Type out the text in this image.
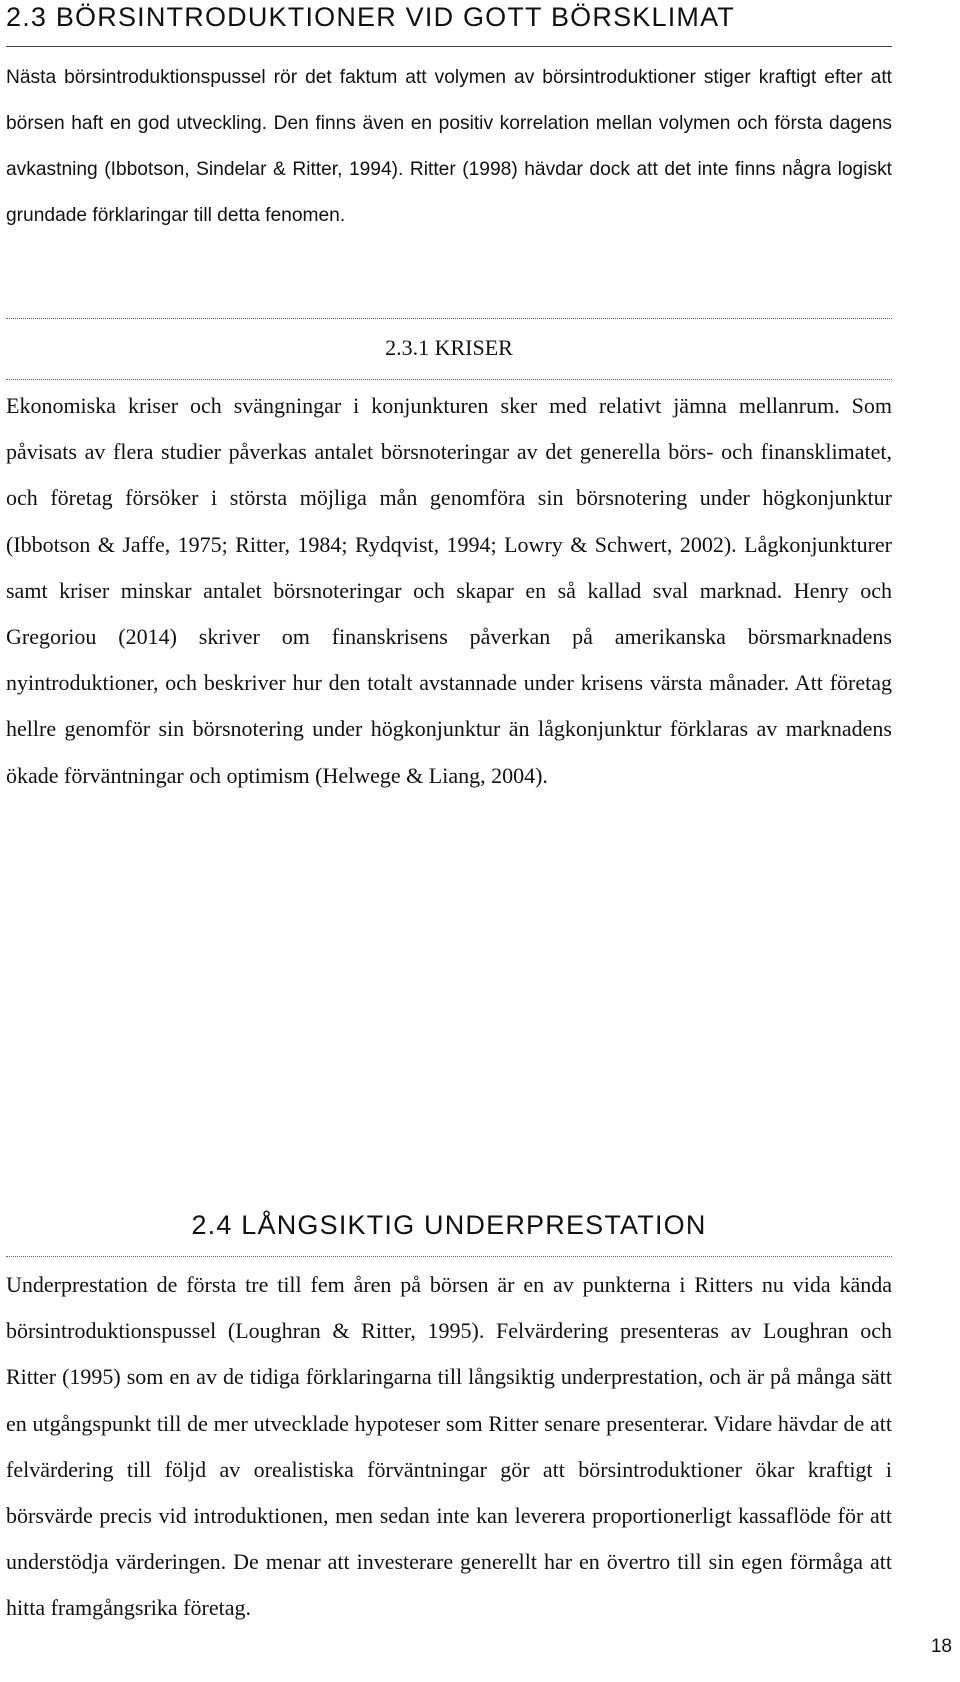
2.3 BÖRSINTRODUKTIONER VID GOTT BÖRSKLIMAT

Nästa börsintroduktionspussel rör det faktum att volymen av börsintroduktioner stiger kraftigt efter att börsen haft en god utveckling. Den finns även en positiv korrelation mellan volymen och första dagens avkastning (Ibbotson, Sindelar & Ritter, 1994). Ritter (1998) hävdar dock att det inte finns några logiskt grundade förklaringar till detta fenomen.

2.3.1 KRISER

Ekonomiska kriser och svängningar i konjunkturen sker med relativt jämna mellanrum. Som påvisats av flera studier påverkas antalet börsnoteringar av det generella börs- och finansklimatet, och företag försöker i största möjliga mån genomföra sin börsnotering under högkonjunktur (Ibbotson & Jaffe, 1975; Ritter, 1984; Rydqvist, 1994; Lowry & Schwert, 2002). Lågkonjunkturer samt kriser minskar antalet börsnoteringar och skapar en så kallad sval marknad. Henry och Gregoriou (2014) skriver om finanskrisens påverkan på amerikanska börsmarknadens nyintroduktioner, och beskriver hur den totalt avstannade under krisens värsta månader. Att företag hellre genomför sin börsnotering under högkonjunktur än lågkonjunktur förklaras av marknadens ökade förväntningar och optimism (Helwege & Liang, 2004).

2.4 LÅNGSIKTIG UNDERPRESTATION

Underprestation de första tre till fem åren på börsen är en av punkterna i Ritters nu vida kända börsintroduktionspussel (Loughran & Ritter, 1995). Felvärdering presenteras av Loughran och Ritter (1995) som en av de tidiga förklaringarna till långsiktig underprestation, och är på många sätt en utgångspunkt till de mer utvecklade hypoteser som Ritter senare presenterar. Vidare hävdar de att felvärdering till följd av orealistiska förväntningar gör att börsintroduktioner ökar kraftigt i börsvärde precis vid introduktionen, men sedan inte kan leverera proportionerligt kassaflöde för att understödja värderingen. De menar att investerare generellt har en övertro till sin egen förmåga att hitta framgångsrika företag.

18
